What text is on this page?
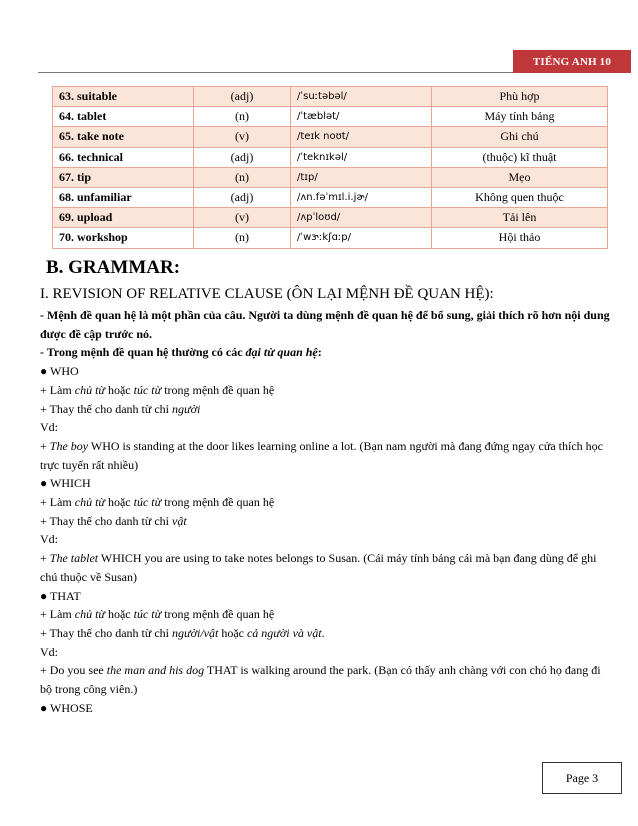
TIẾNG ANH 10
63. suitable	(adj)	/ˈsuːtəbəl/	Phù hợp
64. tablet	(n)	/ˈtæblət/	Máy tính bảng
65. take note	(v)	/teɪk noʊt/	Ghi chú
66. technical	(adj)	/ˈteknɪkəl/	(thuộc) kĩ thuật
67. tip	(n)	/tɪp/	Mẹo
68. unfamiliar	(adj)	/ʌn.fəˈmɪl.i.jɚ/	Không quen thuộc
69. upload	(v)	/ʌpˈloʊd/	Tải lên
70. workshop	(n)	/ˈwɝːkʃɑːp/	Hội thảo
B. GRAMMAR:
I. REVISION OF RELATIVE CLAUSE (ÔN LẠI MỆNH ĐỀ QUAN HỆ):

- Mệnh đề quan hệ là một phần của câu. Người ta dùng mệnh đề quan hệ để bổ sung, giải thích rõ hơn nội dung được đề cập trước nó.

- Trong mệnh đề quan hệ thường có các đại từ quan hệ:

● WHO

+ Làm chủ từ hoặc túc từ trong mệnh đề quan hệ

+ Thay thế cho danh từ chỉ người

Vd:

+ The boy WHO is standing at the door likes learning online a lot. (Bạn nam người mà đang đứng ngay cửa thích học trực tuyến rất nhiều)

● WHICH

+ Làm chủ từ hoặc túc từ trong mệnh đề quan hệ

+ Thay thế cho danh từ chỉ vật

Vd:

+ The tablet WHICH you are using to take notes belongs to Susan. (Cái máy tính bảng cái mà bạn đang dùng để ghi chú thuộc về Susan)

● THAT

+ Làm chủ từ hoặc túc từ trong mệnh đề quan hệ

+ Thay thế cho danh từ chỉ người/vật hoặc cả người và vật.

Vd:

+ Do you see the man and his dog THAT is walking around the park. (Bạn có thấy anh chàng với con chó họ đang đi bộ trong công viên.)

● WHOSE

Page 3
